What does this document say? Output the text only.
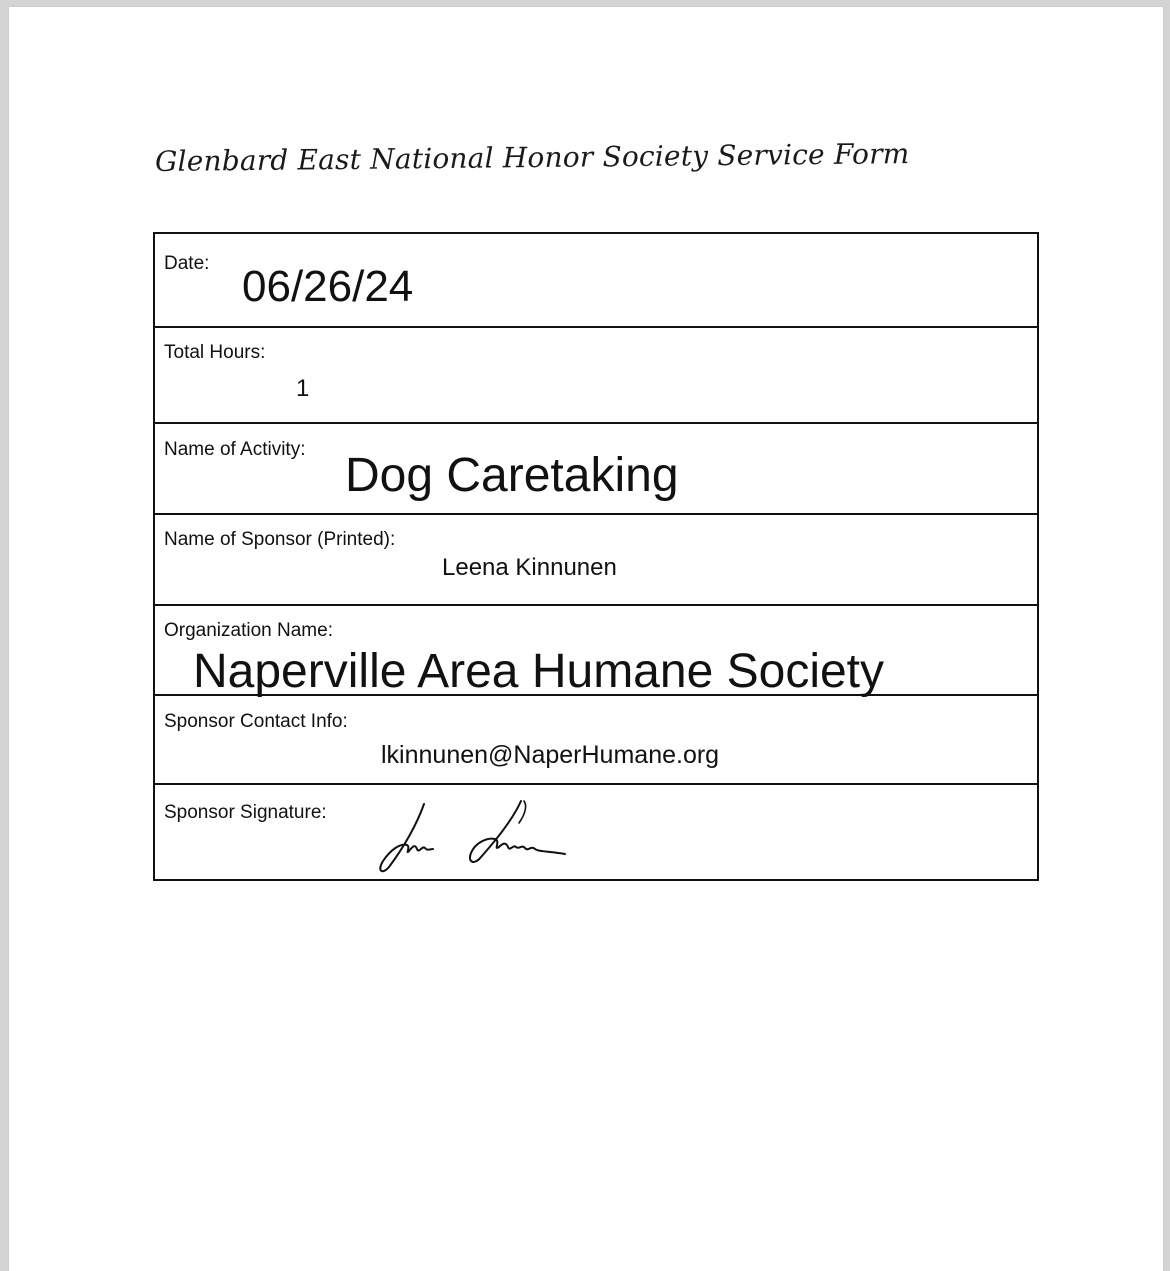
Glenbard East National Honor Society Service Form
Date: 06/26/24
Total Hours:
1
Name of Activity: Dog Caretaking
Name of Sponsor (Printed):
Leena Kinnunen
Organization Name:
Naperville Area Humane Society
Sponsor Contact Info:
lkinnunen@NaperHumane.org
Sponsor Signature:
